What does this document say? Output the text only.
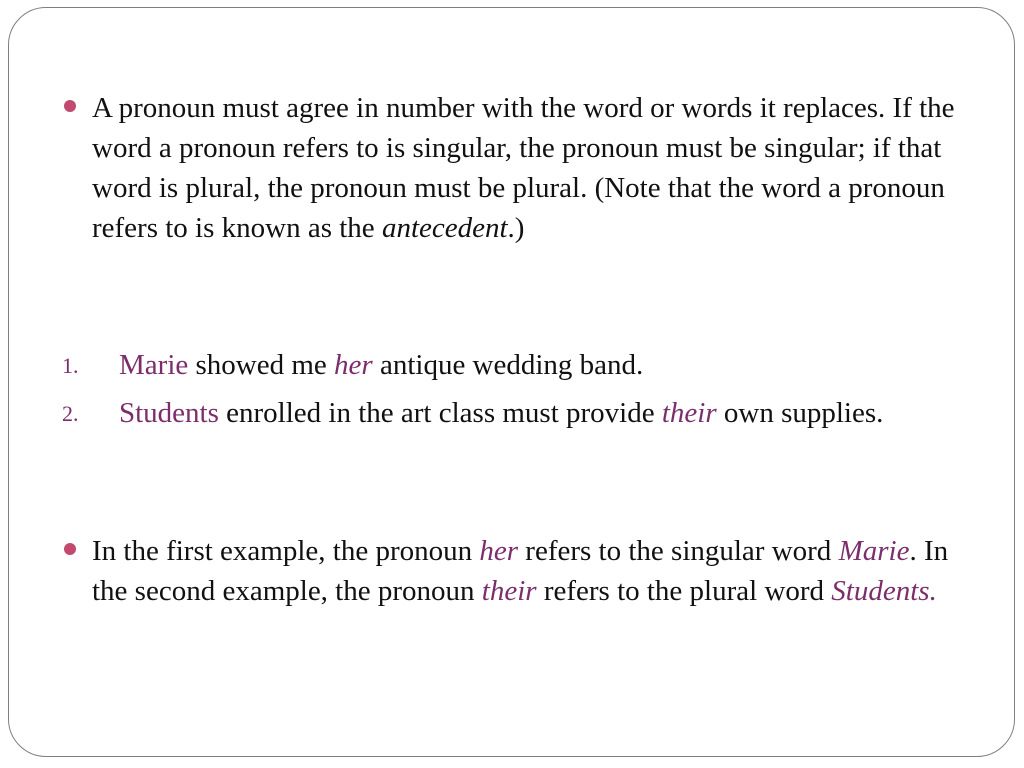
A pronoun must agree in number with the word or words it replaces. If the word a pronoun refers to is singular, the pronoun must be singular; if that word is plural, the pronoun must be plural. (Note that the word a pronoun refers to is known as the antecedent.)
1. Marie showed me her antique wedding band.
2. Students enrolled in the art class must provide their own supplies.
In the first example, the pronoun her refers to the singular word Marie. In the second example, the pronoun their refers to the plural word Students.
